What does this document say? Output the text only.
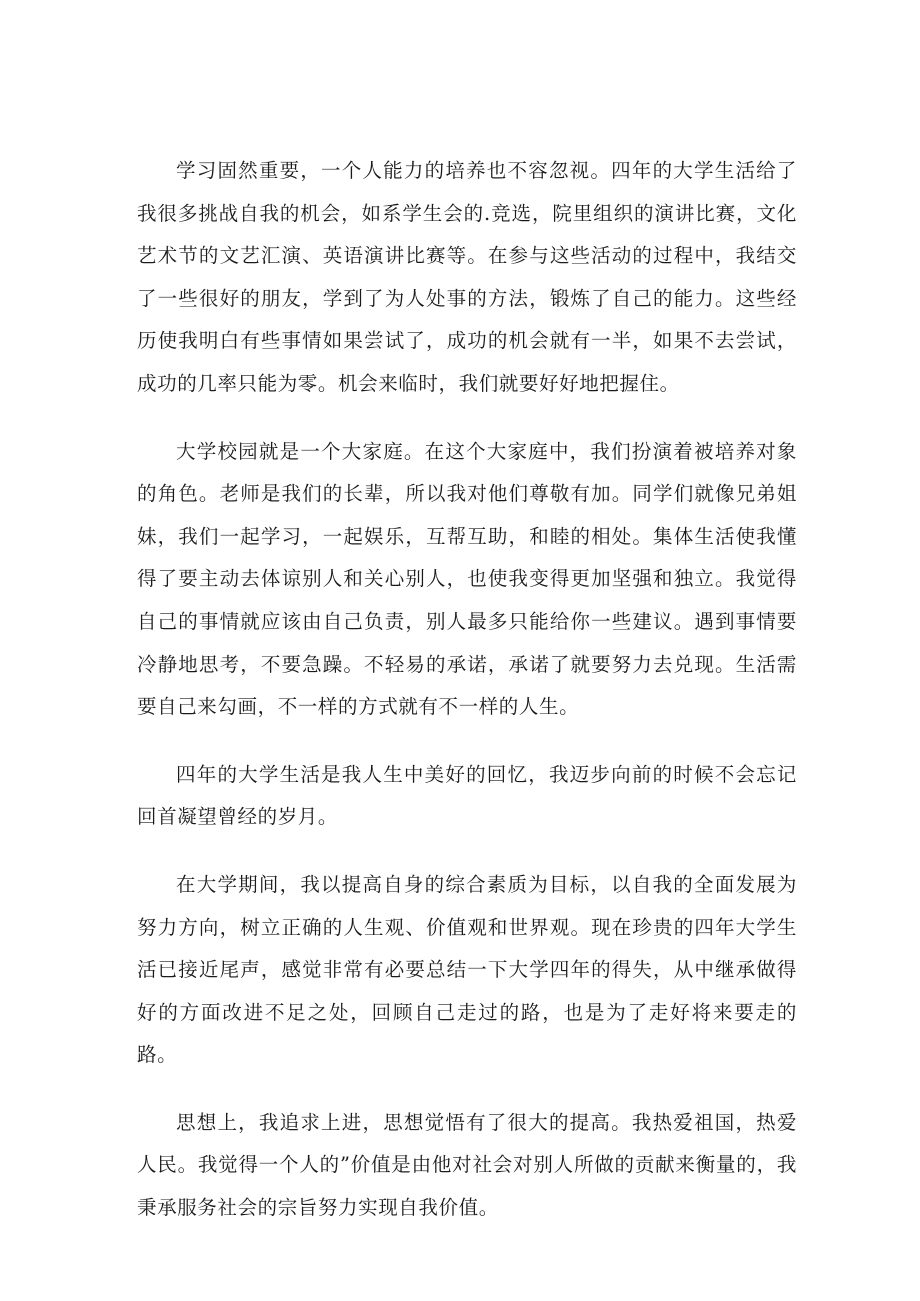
学习固然重要，一个人能力的培养也不容忽视。四年的大学生活给了我很多挑战自我的机会，如系学生会的.竞选，院里组织的演讲比赛，文化艺术节的文艺汇演、英语演讲比赛等。在参与这些活动的过程中，我结交了一些很好的朋友，学到了为人处事的方法，锻炼了自己的能力。这些经历使我明白有些事情如果尝试了，成功的机会就有一半，如果不去尝试，成功的几率只能为零。机会来临时，我们就要好好地把握住。

大学校园就是一个大家庭。在这个大家庭中，我们扮演着被培养对象的角色。老师是我们的长辈，所以我对他们尊敬有加。同学们就像兄弟姐妹，我们一起学习，一起娱乐，互帮互助，和睦的相处。集体生活使我懂得了要主动去体谅别人和关心别人，也使我变得更加坚强和独立。我觉得自己的事情就应该由自己负责，别人最多只能给你一些建议。遇到事情要冷静地思考，不要急躁。不轻易的承诺，承诺了就要努力去兑现。生活需要自己来勾画，不一样的方式就有不一样的人生。

四年的大学生活是我人生中美好的回忆，我迈步向前的时候不会忘记回首凝望曾经的岁月。

在大学期间，我以提高自身的综合素质为目标，以自我的全面发展为努力方向，树立正确的人生观、价值观和世界观。现在珍贵的四年大学生活已接近尾声，感觉非常有必要总结一下大学四年的得失，从中继承做得好的方面改进不足之处，回顾自己走过的路，也是为了走好将来要走的路。

思想上，我追求上进，思想觉悟有了很大的提高。我热爱祖国，热爱人民。我觉得一个人的”价值是由他对社会对别人所做的贡献来衡量的，我秉承服务社会的宗旨努力实现自我价值。
